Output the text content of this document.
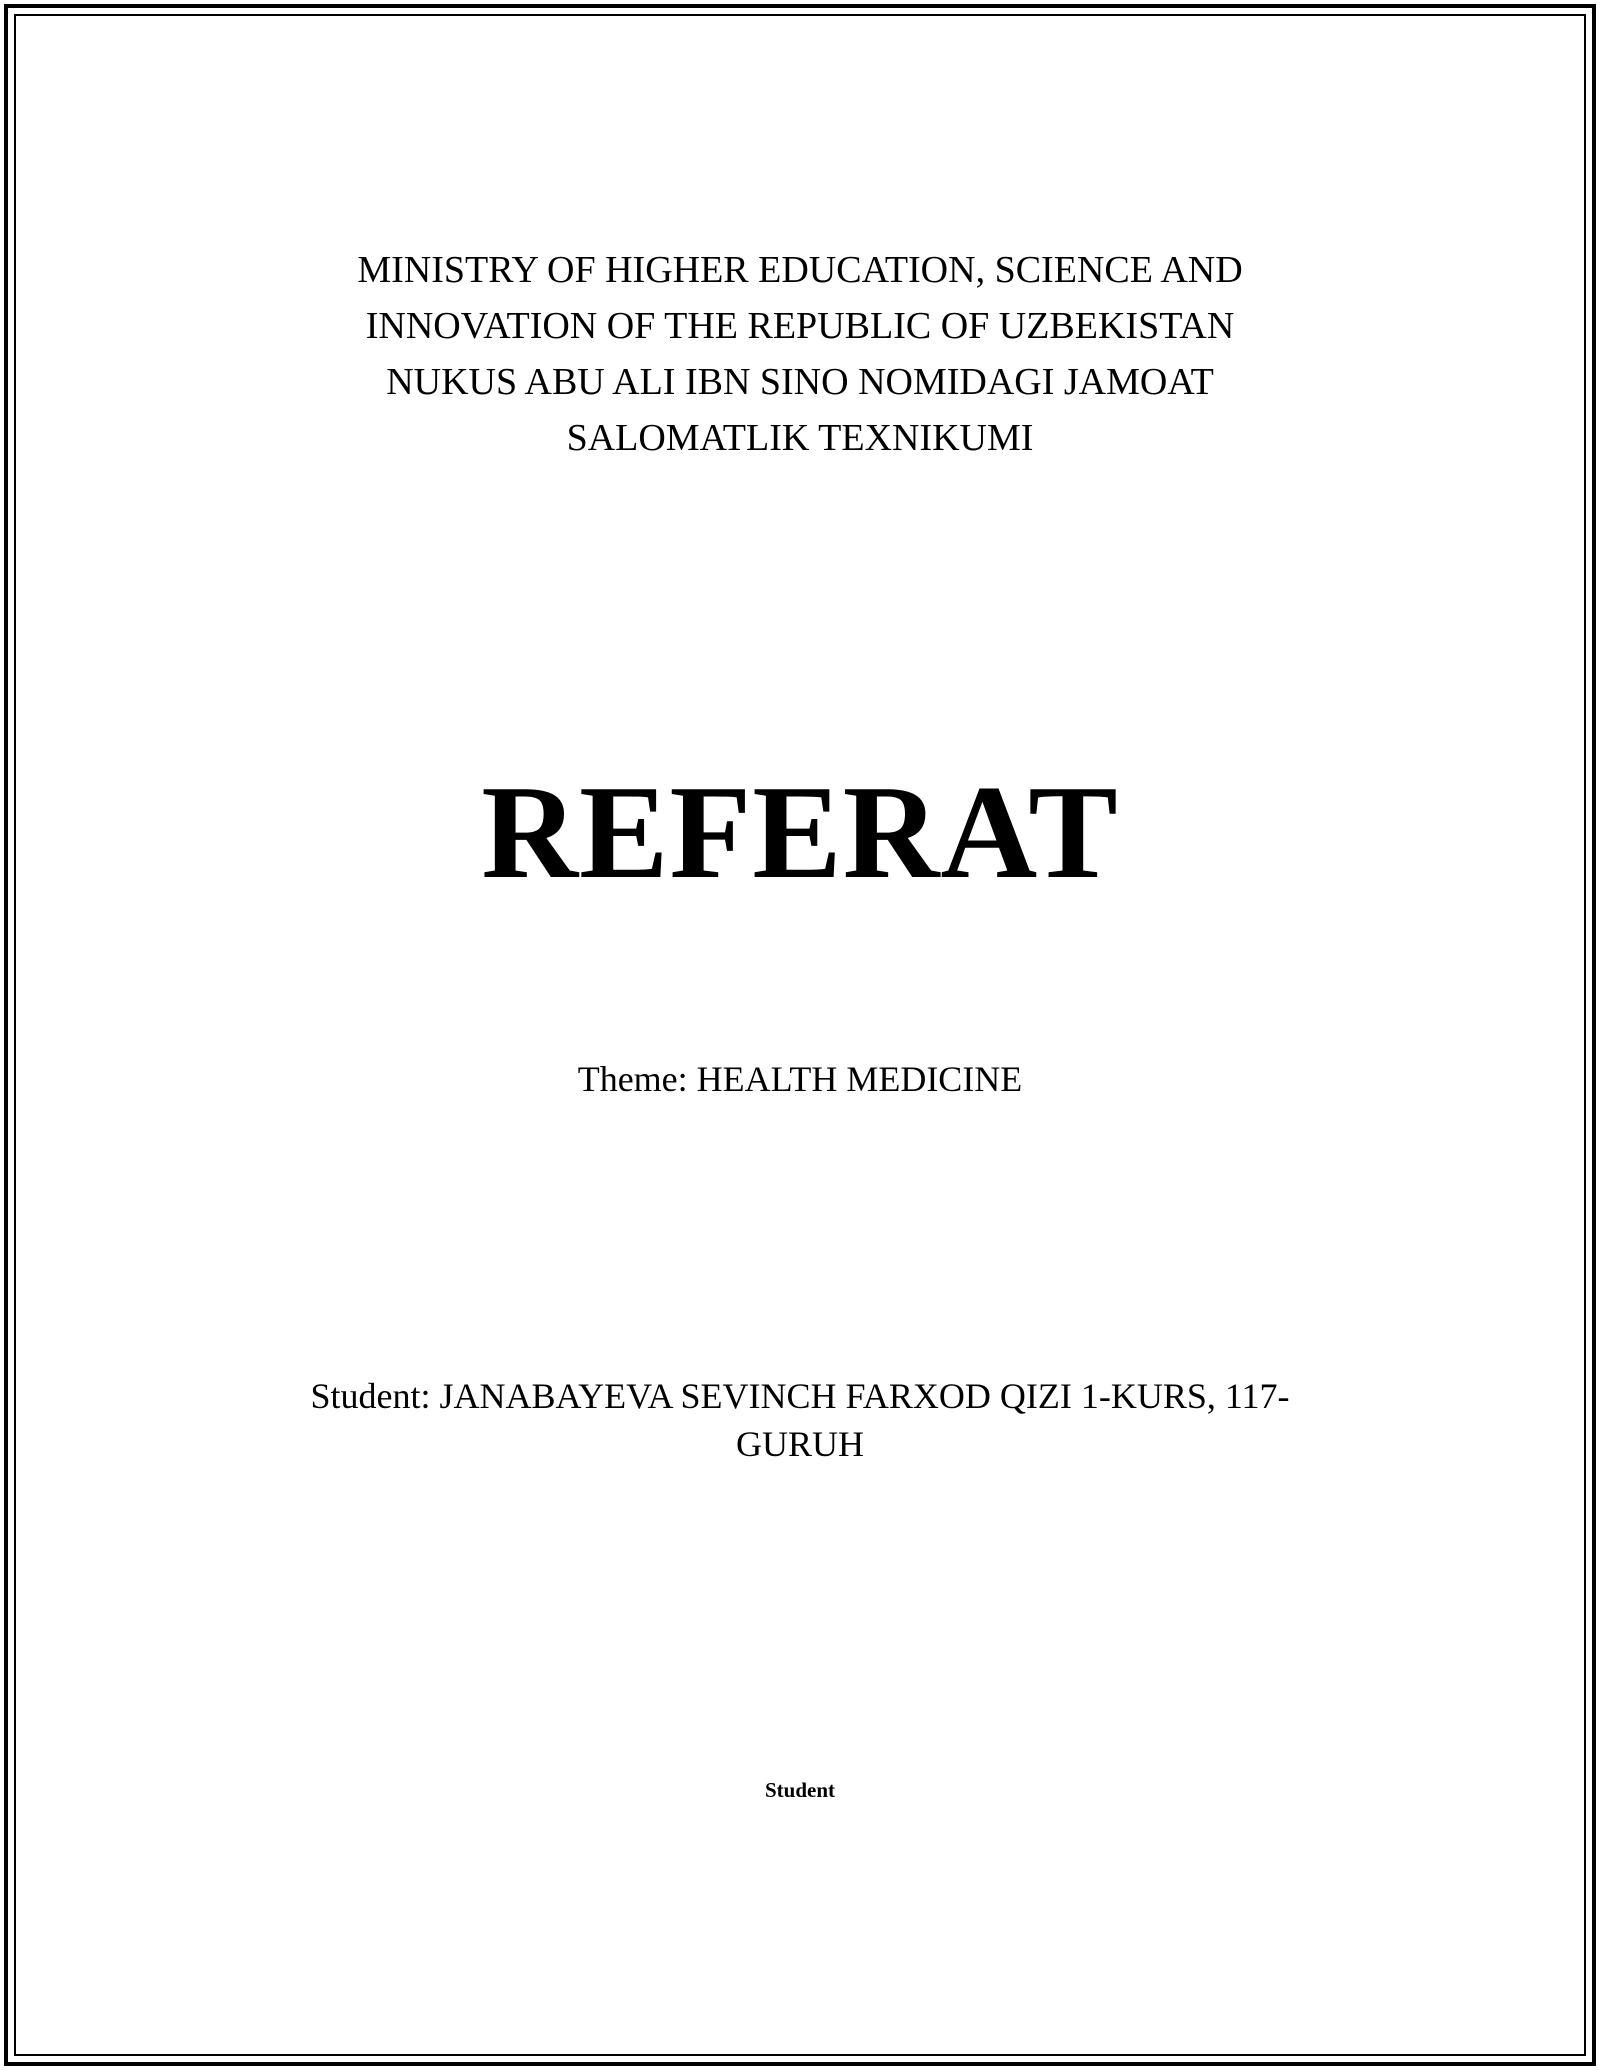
MINISTRY OF HIGHER EDUCATION, SCIENCE AND
INNOVATION OF THE REPUBLIC OF UZBEKISTAN
NUKUS ABU ALI IBN SINO NOMIDAGI JAMOAT
SALOMATLIK TEXNIKUMI
REFERAT
Theme: HEALTH MEDICINE
Student: JANABAYEVA SEVINCH FARXOD QIZI 1-KURS, 117-
GURUH
Student
